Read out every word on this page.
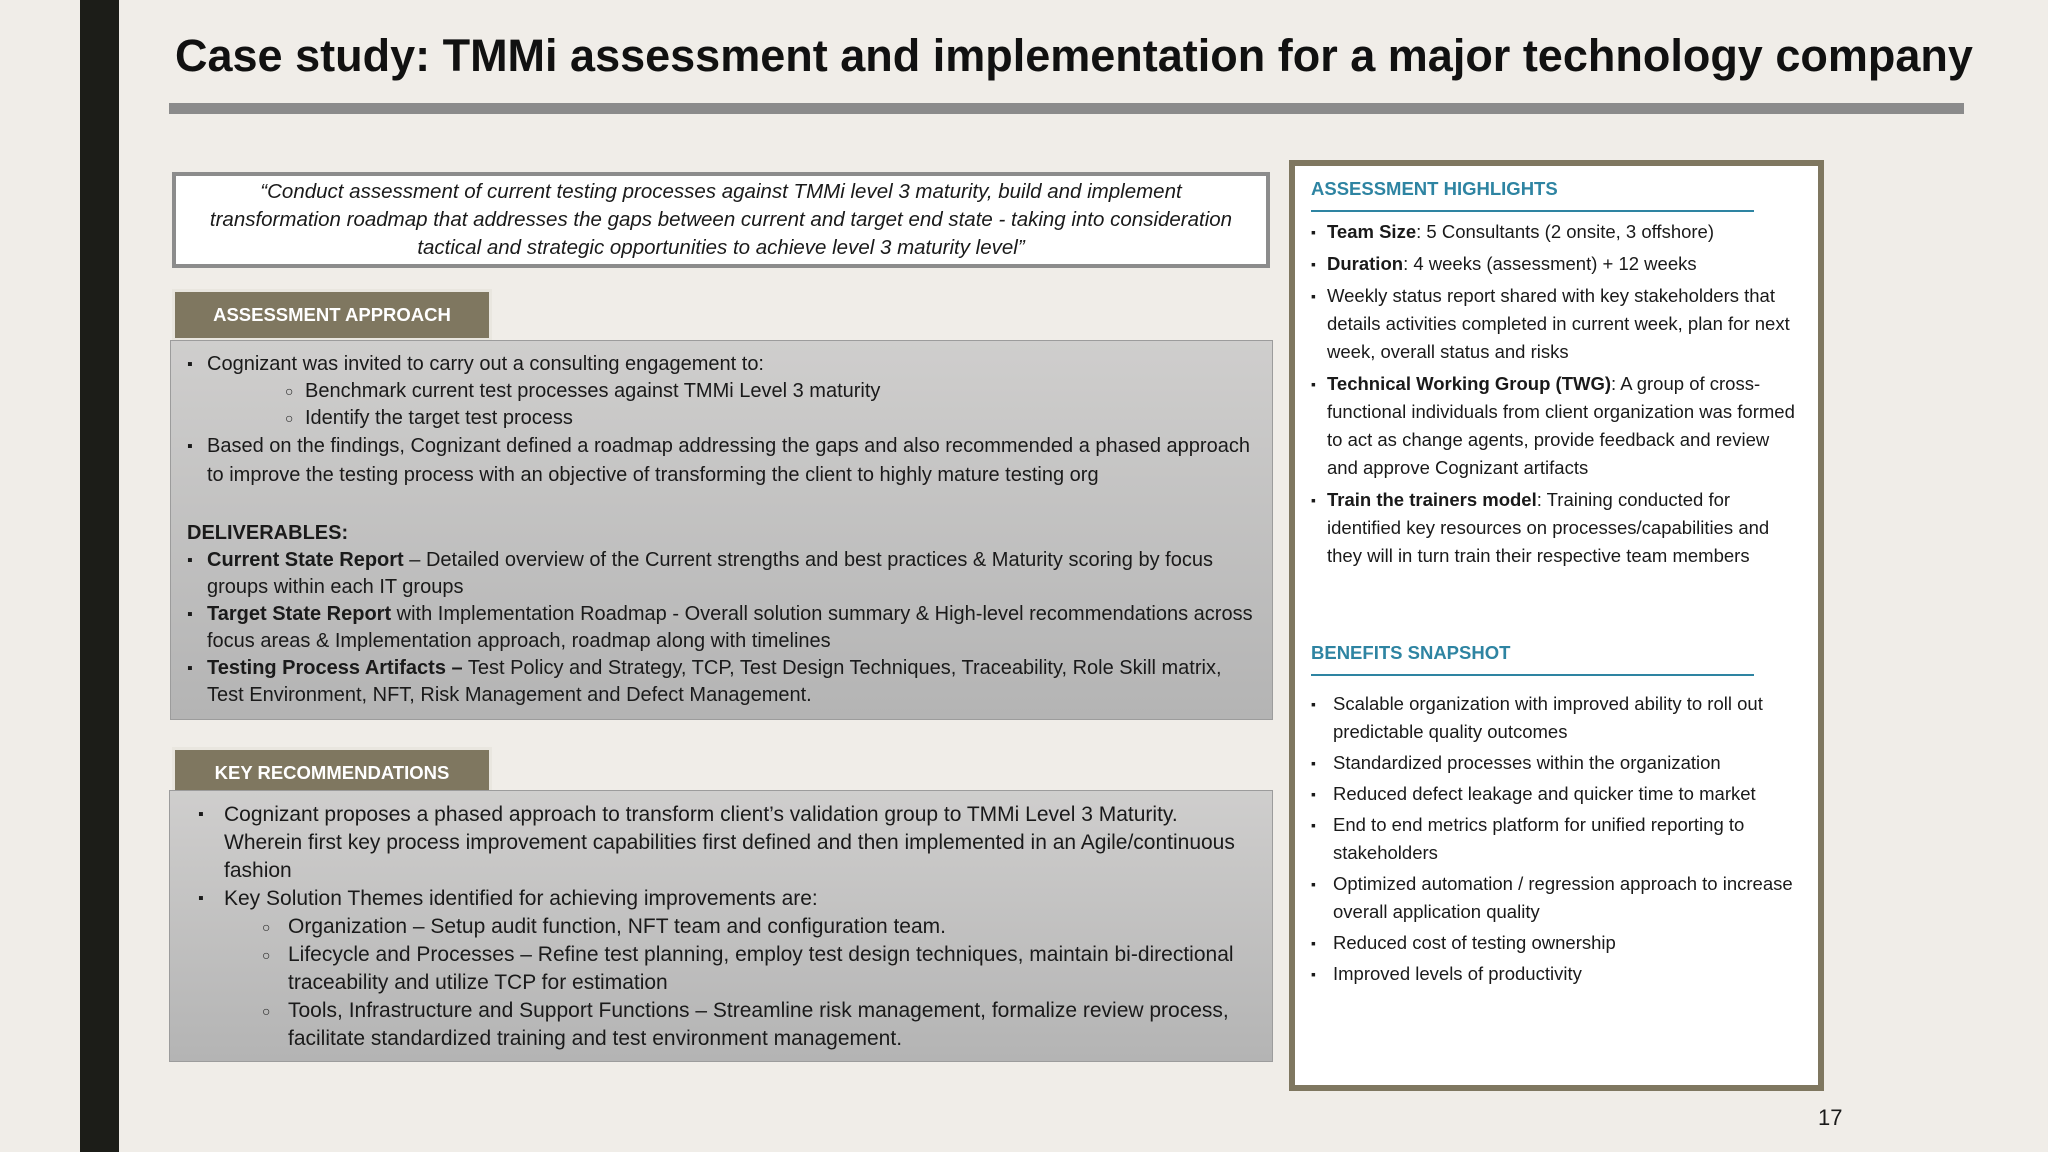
Case study: TMMi assessment and implementation for a major technology company

“Conduct assessment of current testing processes against TMMi level 3 maturity, build and implement transformation roadmap that addresses the gaps between current and target end state - taking into consideration tactical and strategic opportunities to achieve level 3 maturity level”

ASSESSMENT APPROACH
▪ Cognizant was invited to carry out a consulting engagement to:
○ Benchmark current test processes against TMMi Level 3 maturity
○ Identify the target test process
▪ Based on the findings, Cognizant defined a roadmap addressing the gaps and also recommended a phased approach to improve the testing process with an objective of transforming the client to highly mature testing org
DELIVERABLES:
▪ Current State Report – Detailed overview of the Current strengths and best practices & Maturity scoring by focus groups within each IT groups
▪ Target State Report with Implementation Roadmap - Overall solution summary & High-level recommendations across focus areas & Implementation approach, roadmap along with timelines
▪ Testing Process Artifacts – Test Policy and Strategy, TCP, Test Design Techniques, Traceability, Role Skill matrix, Test Environment, NFT, Risk Management and Defect Management.
KEY RECOMMENDATIONS
▪ Cognizant proposes a phased approach to transform client’s validation group to TMMi Level 3 Maturity. Wherein first key process improvement capabilities first defined and then implemented in an Agile/continuous fashion
▪ Key Solution Themes identified for achieving improvements are:
○ Organization – Setup audit function, NFT team and configuration team.
○ Lifecycle and Processes – Refine test planning, employ test design techniques, maintain bi-directional traceability and utilize TCP for estimation
○ Tools, Infrastructure and Support Functions – Streamline risk management, formalize review process, facilitate standardized training and test environment management.

ASSESSMENT HIGHLIGHTS

▪ Team Size: 5 Consultants (2 onsite, 3 offshore)
▪ Duration: 4 weeks (assessment) + 12 weeks
▪ Weekly status report shared with key stakeholders that details activities completed in current week, plan for next week, overall status and risks
▪ Technical Working Group (TWG): A group of cross-functional individuals from client organization was formed to act as change agents, provide feedback and review and approve Cognizant artifacts
▪ Train the trainers model: Training conducted for identified key resources on processes/capabilities and they will in turn train their respective team members

BENEFITS SNAPSHOT

▪ Scalable organization with improved ability to roll out predictable quality outcomes
▪ Standardized processes within the organization
▪ Reduced defect leakage and quicker time to market
▪ End to end metrics platform for unified reporting to stakeholders
▪ Optimized automation / regression approach to increase overall application quality
▪ Reduced cost of testing ownership
▪ Improved levels of productivity
17
